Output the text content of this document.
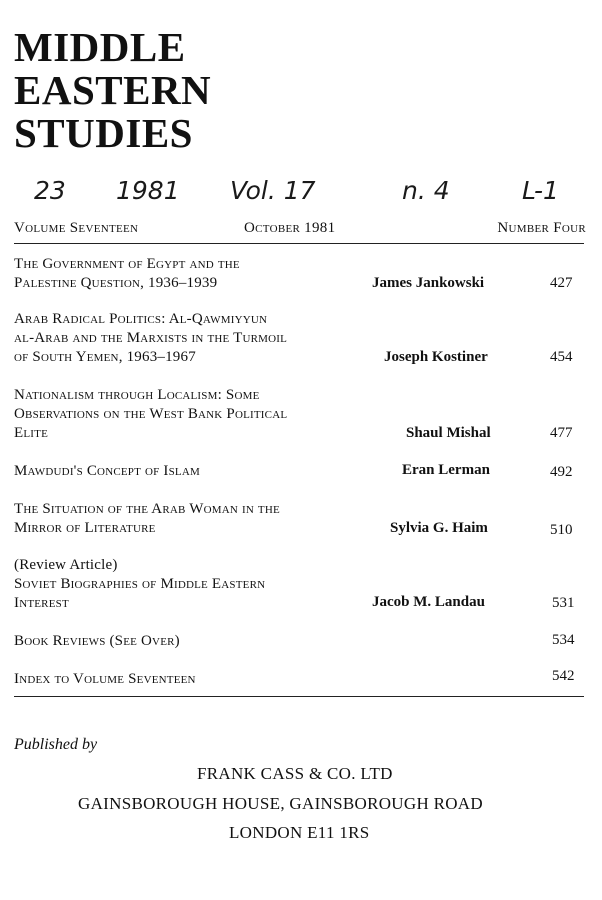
MIDDLE
EASTERN
STUDIES
23 1981 Vol. 17	n. 4	L-1
Volume Seventeen	October 1981	Number Four
The Government of Egypt and the
Palestine Question, 1936–1939	James Jankowski	427
Arab Radical Politics: Al-Qawmiyyun
al-Arab and the Marxists in the Turmoil
of South Yemen, 1963–1967	Joseph Kostiner	454
Nationalism through Localism: Some
Observations on the West Bank Political
Elite	Shaul Mishal	477
Mawdudi's Concept of Islam	Eran Lerman	492
The Situation of the Arab Woman in the
Mirror of Literature	Sylvia G. Haim	510
(Review Article)
Soviet Biographies of Middle Eastern
Interest	Jacob M. Landau	531
Book Reviews (See Over)	534
Index to Volume Seventeen	542
Published by
FRANK CASS & CO. LTD
GAINSBOROUGH HOUSE, GAINSBOROUGH ROAD
LONDON E11 1RS
